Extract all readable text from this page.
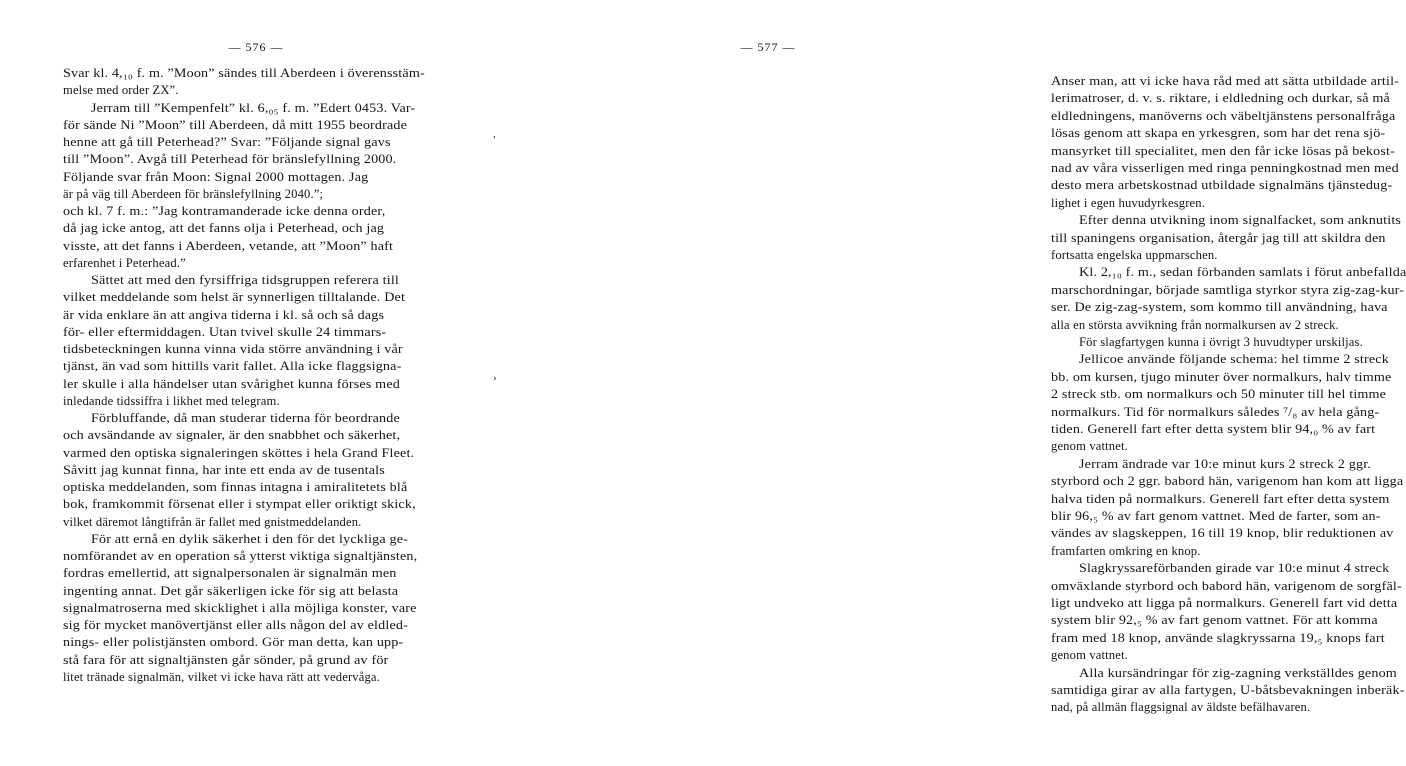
— 576 —
Svar kl. 4,₁₀ f. m. ”Moon” sändes till Aberdeen i överensstäm-
melse med order ZX”.
Jerram till ”Kempenfelt” kl. 6,₀₅ f. m. ”Edert 0453. Var-
för sände Ni ”Moon” till Aberdeen, då mitt 1955 beordrade
henne att gå till Peterhead?” Svar: ”Följande signal gavs
till ”Moon”. Avgå till Peterhead för bränslefyllning 2000.
Följande svar från Moon: Signal 2000 mottagen. Jag
är på väg till Aberdeen för bränslefyllning 2040.”;
och kl. 7 f. m.: ”Jag kontramanderade icke denna order,
då jag icke antog, att det fanns olja i Peterhead, och jag
visste, att det fanns i Aberdeen, vetande, att ”Moon” haft
erfarenhet i Peterhead.”
Sättet att med den fyrsiffriga tidsgruppen referera till
vilket meddelande som helst är synnerligen tilltalande. Det
är vida enklare än att angiva tiderna i kl. så och så dags
för- eller eftermiddagen. Utan tvivel skulle 24 timmars-
tidsbeteckningen kunna vinna vida större användning i vår
tjänst, än vad som hittills varit fallet. Alla icke flaggsigna-
ler skulle i alla händelser utan svårighet kunna förses med
inledande tidssiffra i likhet med telegram.
Förbluffande, då man studerar tiderna för beordrande
och avsändande av signaler, är den snabbhet och säkerhet,
varmed den optiska signaleringen sköttes i hela Grand Fleet.
Såvitt jag kunnat finna, har inte ett enda av de tusentals
optiska meddelanden, som finnas intagna i amiralitetets blå
bok, framkommit försenat eller i stympat eller oriktigt skick,
vilket däremot långtifrån är fallet med gnistmeddelanden.
För att ernå en dylik säkerhet i den för det lyckliga ge-
nomförandet av en operation så ytterst viktiga signaltjänsten,
fordras emellertid, att signalpersonalen är signalmän men
ingenting annat. Det går säkerligen icke för sig att belasta
signalmatroserna med skicklighet i alla möjliga konster, vare
sig för mycket manövertjänst eller alls någon del av eldled-
nings- eller polistjänsten ombord. Gör man detta, kan upp-
stå fara för att signaltjänsten går sönder, på grund av för
litet tränade signalmän, vilket vi icke hava rätt att vedervåga.
— 577 —
Anser man, att vi icke hava råd med att sätta utbildade artil-
lerimatroser, d. v. s. riktare, i eldledning och durkar, så må
eldledningens, manöverns och väbeltjänstens personalfråga
lösas genom att skapa en yrkesgren, som har det rena sjö-
mansyrket till specialitet, men den får icke lösas på bekost-
nad av våra visserligen med ringa penningkostnad men med
desto mera arbetskostnad utbildade signalmäns tjänstedug-
lighet i egen huvudyrkesgren.
Efter denna utvikning inom signalfacket, som anknutits
till spaningens organisation, återgår jag till att skildra den
fortsatta engelska uppmarschen.
Kl. 2,₁₀ f. m., sedan förbanden samlats i förut anbefallda
marschordningar, började samtliga styrkor styra zig-zag-kur-
ser. De zig-zag-system, som kommo till användning, hava
alla en största avvikning från normalkursen av 2 streck.
För slagfartygen kunna i övrigt 3 huvudtyper urskiljas.
Jellicoe använde följande schema: hel timme 2 streck
bb. om kursen, tjugo minuter över normalkurs, halv timme
2 streck stb. om normalkurs och 50 minuter till hel timme
normalkurs. Tid för normalkurs således ⁷/₈ av hela gång-
tiden. Generell fart efter detta system blir 94,₀ % av fart
genom vattnet.
Jerram ändrade var 10:e minut kurs 2 streck 2 ggr.
styrbord och 2 ggr. babord hän, varigenom han kom att ligga
halva tiden på normalkurs. Generell fart efter detta system
blir 96,₅ % av fart genom vattnet. Med de farter, som an-
vändes av slagskeppen, 16 till 19 knop, blir reduktionen av
framfarten omkring en knop.
Slagkryssareförbanden girade var 10:e minut 4 streck
omväxlande styrbord och babord hän, varigenom de sorgfäl-
ligt undveko att ligga på normalkurs. Generell fart vid detta
system blir 92,₅ % av fart genom vattnet. För att komma
fram med 18 knop, använde slagkryssarna 19,₅ knops fart
genom vattnet.
Alla kursändringar för zig-zagning verkställdes genom
samtidiga girar av alla fartygen, U-båtsbevakningen inberäk-
nad, på allmän flaggsignal av äldste befälhavaren.
,
›
